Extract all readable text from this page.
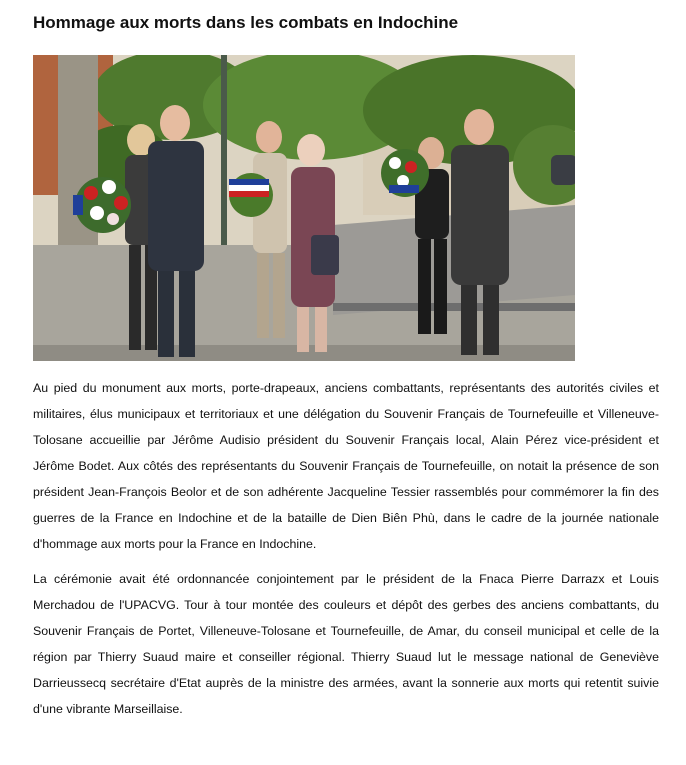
Hommage aux morts dans les combats en Indochine

Au pied du monument aux morts, porte-drapeaux, anciens combattants, représentants des autorités civiles et militaires, élus municipaux et territoriaux et une délégation du Souvenir Français de Tournefeuille et Villeneuve-Tolosane accueillie par Jérôme Audisio président du Souvenir Français local, Alain Pérez vice-président et Jérôme Bodet. Aux côtés des représentants du Souvenir Français de Tournefeuille, on notait la présence de son président Jean-François Beolor et de son adhérente Jacqueline Tessier rassemblés pour commémorer la fin des guerres de la France en Indochine et de la bataille de Dien Biên Phù, dans le cadre de la journée nationale d'hommage aux morts pour la France en Indochine.

La cérémonie avait été ordonnancée conjointement par le président de la Fnaca Pierre Darrazx et Louis Merchadou de l'UPACVG. Tour à tour montée des couleurs et dépôt des gerbes des anciens combattants, du Souvenir Français de Portet, Villeneuve-Tolosane et Tournefeuille, de Amar, du conseil municipal et celle de la région par Thierry Suaud maire et conseiller régional. Thierry Suaud lut le message national de Geneviève Darrieussecq secrétaire d'Etat auprès de la ministre des armées, avant la sonnerie aux morts qui retentit suivie d'une vibrante Marseillaise.
